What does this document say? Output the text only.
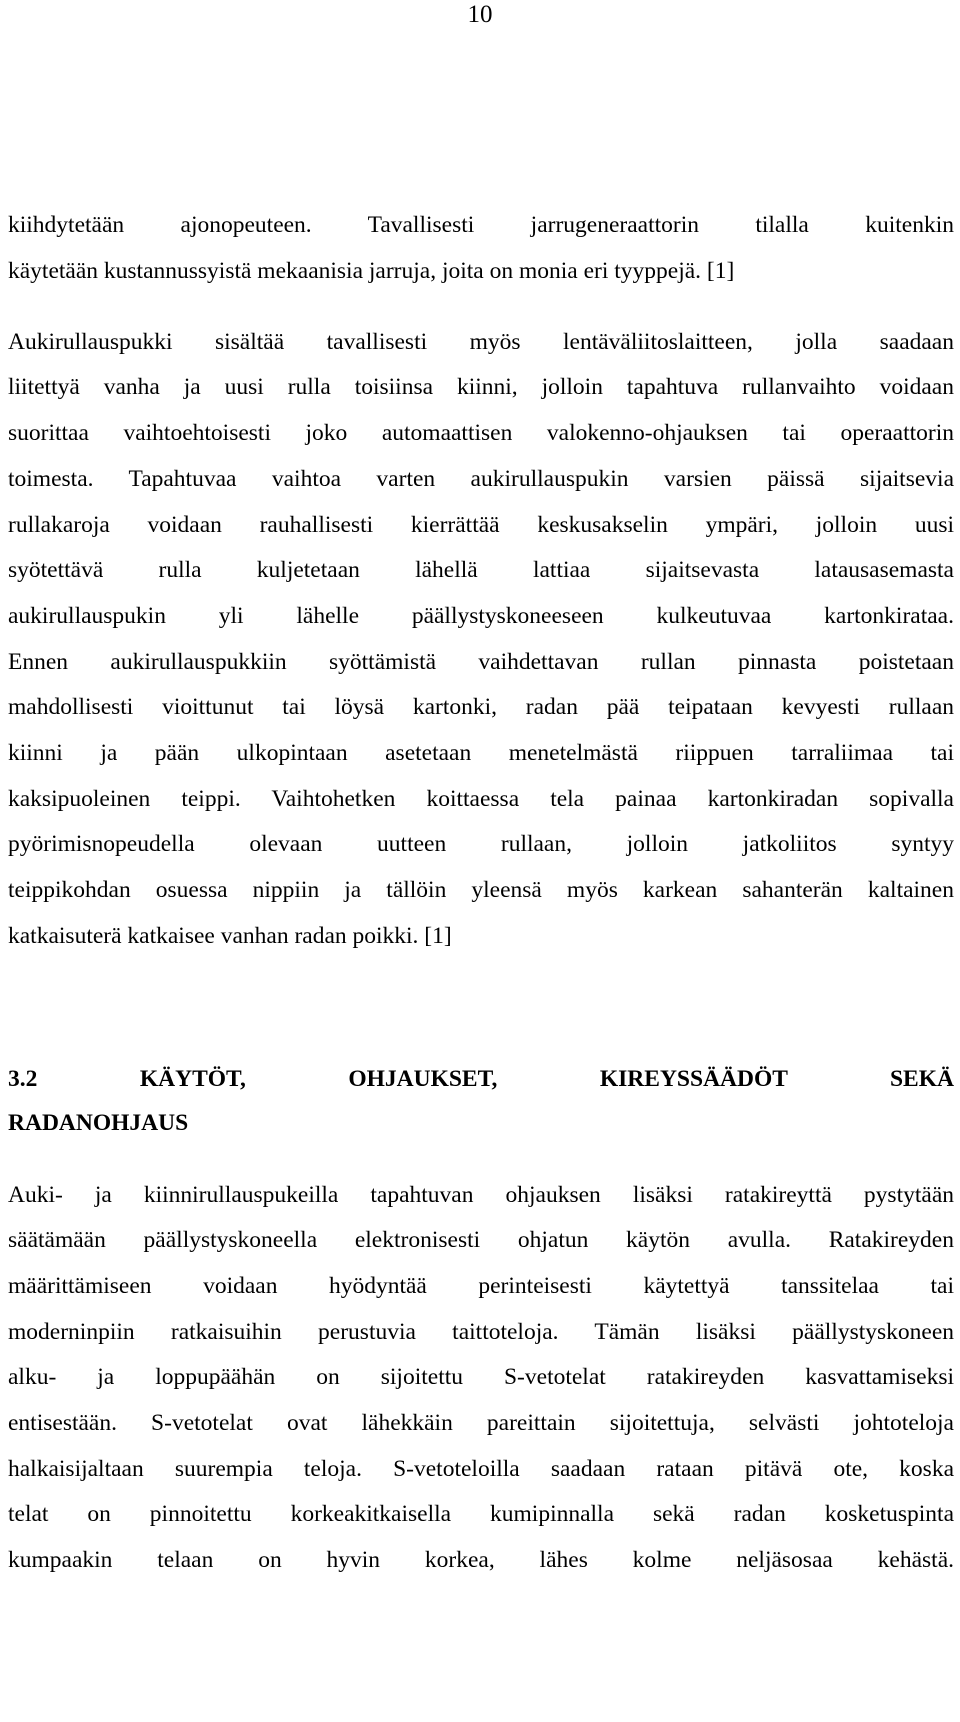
10
kiihdytetään ajonopeuteen. Tavallisesti jarrugeneraattorin tilalla kuitenkin
käytetään kustannussyistä mekaanisia jarruja, joita on monia eri tyyppejä. [1]
Aukirullauspukki sisältää tavallisesti myös lentäväliitoslaitteen, jolla saadaan
liitettyä vanha ja uusi rulla toisiinsa kiinni, jolloin tapahtuva rullanvaihto voidaan
suorittaa vaihtoehtoisesti joko automaattisen valokenno-ohjauksen tai operaattorin
toimesta. Tapahtuvaa vaihtoa varten aukirullauspukin varsien päissä sijaitsevia
rullakaroja voidaan rauhallisesti kierrättää keskusakselin ympäri, jolloin uusi
syötettävä rulla kuljetetaan lähellä lattiaa sijaitsevasta latausasemasta
aukirullauspukin yli lähelle päällystyskoneeseen kulkeutuvaa kartonkiratаа.
Ennen aukirullauspukkiin syöttämistä vaihdettavan rullan pinnasta poistetaan
mahdollisesti vioittunut tai löysä kartonki, radan pää teipataan kevyesti rullaan
kiinni ja pään ulkopintaan asetetaan menetelmästä riippuen tarraliimaa tai
kaksipuoleinen teippi. Vaihtohetken koittaessa tela painaa kartonkiradan sopivalla
pyörimisnopeudella olevaan uutteen rullaan, jolloin jatkoliitos syntyy
teippikohdan osuessa nippiin ja tällöin yleensä myös karkean sahanterän kaltainen
katkaisuterä katkaisee vanhan radan poikki. [1]
3.2 KÄYTÖT, OHJAUKSET, KIREYSSÄÄDÖT SEKÄ
RADANOHJAUS
Auki- ja kiinnirullauspukeilla tapahtuvan ohjauksen lisäksi ratakireyttä pystytään
säätämään päällystyskoneella elektronisesti ohjatun käytön avulla. Ratakireyden
määrittämiseen voidaan hyödyntää perinteisesti käytettyä tanssitelaa tai
moderninpiin ratkaisuihin perustuvia taittoteloja. Tämän lisäksi päällystyskoneen
alku- ja loppupäähän on sijoitettu S-vetotelat ratakireyden kasvattamiseksi
entisestään. S-vetotelat ovat lähekkäin pareittain sijoitettuja, selvästi johtoteloja
halkaisijaltaan suurempia teloja. S-vetoteloilla saadaan rataan pitävä ote, koska
telat on pinnoitettu korkeakitkaisella kumipinnalla sekä radan kosketuspinta
kumpaakin telaan on hyvin korkea, lähes kolme neljäsosaa kehästä.
